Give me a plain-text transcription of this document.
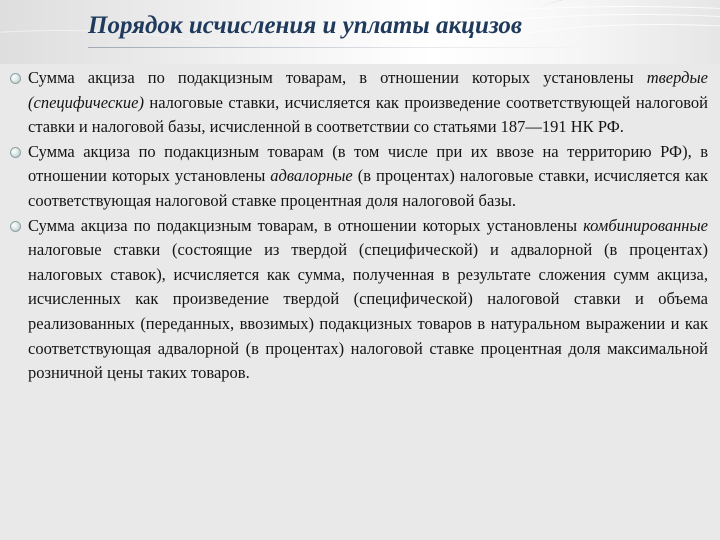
Порядок исчисления и уплаты акцизов
Сумма акциза по подакцизным товарам, в отношении которых установлены твердые (специфические) налоговые ставки, исчисляется как произведение соответствующей налоговой ставки и налоговой базы, исчисленной в соответствии со статьями 187—191 НК РФ.
Сумма акциза по подакцизным товарам (в том числе при их ввозе на территорию РФ), в отношении которых установлены адвалорные (в процентах) налоговые ставки, исчисляется как соответствующая налоговой ставке процентная доля налоговой базы.
Сумма акциза по подакцизным товарам, в отношении которых установлены комбинированные налоговые ставки (состоящие из твердой (специфической) и адвалорной (в процентах) налоговых ставок), исчисляется как сумма, полученная в результате сложения сумм акциза, исчисленных как произведение твердой (специфической) налоговой ставки и объема реализованных (переданных, ввозимых) подакцизных товаров в натуральном выражении и как соответствующая адвалорной (в процентах) налоговой ставке процентная доля максимальной розничной цены таких товаров.
